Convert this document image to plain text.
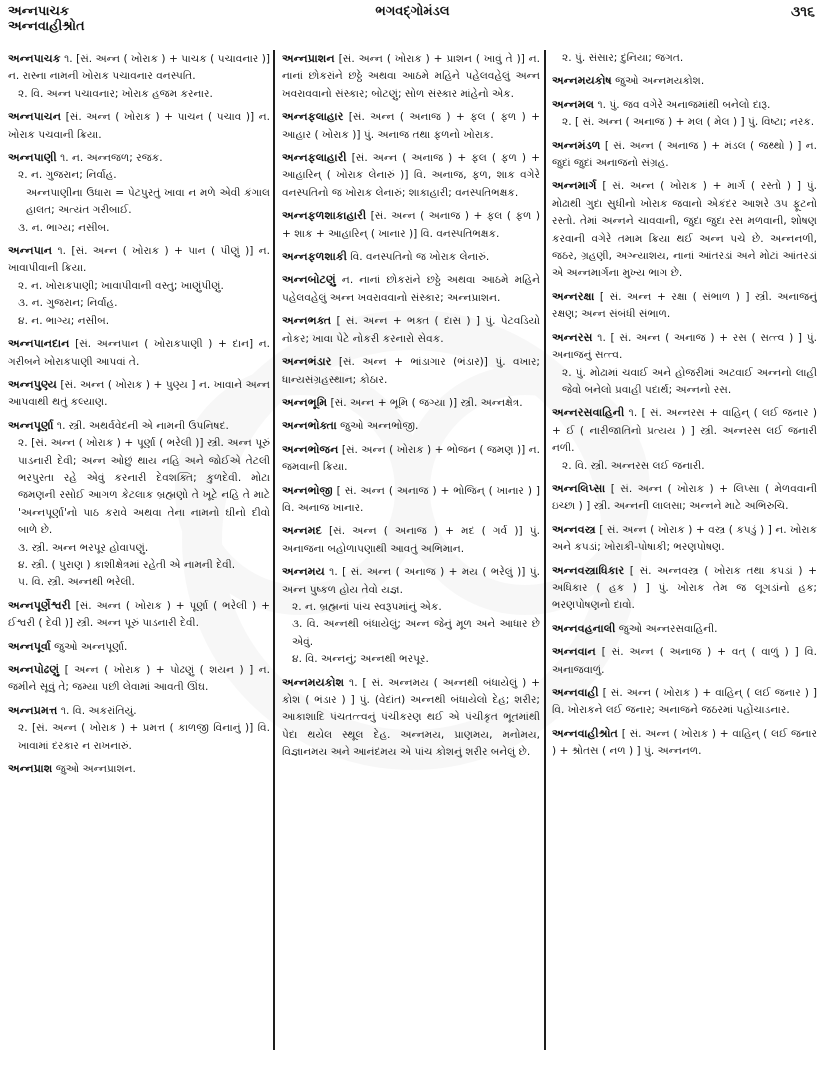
અન્નપાચક
અન્નવાહીશ્રોત
ભગવદ્ગોમંડલ	૩૧૬
અન્નપાચક ૧. [સં. અન્ન ( ખોરાક ) + પાચક ( પચાવનાર )] ન. રાસ્ના નામની ખોરાક પચાવનાર વનસ્પતિ.
૨. વિ. અન્ન પચાવનાર; ખોરાક હજમ કરનાર.
અન્નપાચન [સં. અન્ન ( ખોરાક ) + પાચન ( પચાવ )] ન. ખોરાક પચવાની ક્રિયા.
અન્નપાણી ૧. ન. અન્નજળ; રજક.
૨. ન. ગુજરાન; નિર્વાહ.
અન્નપાણીના ઉધારા = પેટપુરતું ખાવા ન મળે એવી કંગાલ હાલત; અત્યંત ગરીબાઈ.
૩. ન. ભાગ્ય; નસીબ.
અન્નપાન ૧. [સં. અન્ન ( ખોરાક ) + પાન ( પીણું )] ન. ખાવાપીવાની ક્રિયા.
૨. ન. ખોરાકપાણી; ખાવાપીવાની વસ્તુ; ખાણુંપીણું.
૩. ન. ગુજરાન; નિર્વાહ.
૪. ન. ભાગ્ય; નસીબ.
અન્નપાનદાન [સં. અન્નપાન ( ખોરાકપાણી ) + દાન] ન. ગરીબને ખોરાકપાણી આપવાં તે.
અન્નપુણ્ય [સં. અન્ન ( ખોરાક ) + પુણ્ય ] ન. ખાવાને અન્ન આપવાથી થતું કલ્યાણ.
અન્નપૂર્ણા ૧. સ્ત્રી. અથર્વવેદની એ નામની ઉપનિષદ.
૨. [સં. અન્ન ( ખોરાક ) + પૂર્ણા ( ભરેલી )] સ્ત્રી. અન્ન પૂરું પાડનારી દેવી; અન્ન ઓછું થાય નહિ અને જોઈએ તેટલી ભરપુરતા રહે એવું કરનારી દેવશક્તિ; કુળદેવી. મોટા જમણની રસોઈ આગળ કેટલાક બ્રહ્મણો તે ખૂટે નહિ તે માટે 'અન્નપૂર્ણા'નો પાઠ કરાવે અથવા તેના નામનો ઘીનો દીવો બાળે છે.
૩. સ્ત્રી. અન્ન ભરપૂર હોવાપણું.
૪. સ્ત્રી. ( પુરાણ ) કાશીક્ષેત્રમાં રહેતી એ નામની દેવી.
૫. વિ. સ્ત્રી. અન્નથી ભરેલી.
અન્નપૂર્ણેશ્વરી [સં. અન્ન ( ખોરાક ) + પૂર્ણા ( ભરેલી ) + ઈશ્વરી ( દેવી )] સ્ત્રી. અન્ન પૂરું પાડનારી દેવી.
અન્નપૂર્વા જુઓ અન્નપૂર્ણા.
અન્નપોઢણું [ અન્ન ( ખોરાક ) + પોઢણું ( શયન ) ] ન. જમીને સૂવું તે; જમ્યા પછી લેવામાં આવતી ઊંઘ.
અન્નપ્રમત્ત ૧. વિ. અકરાંતિયું.
૨. [સં. અન્ન ( ખોરાક ) + પ્રમત્ત ( કાળજી વિનાનું )] વિ. ખાવામાં દરકાર ન રાખનારું.
અન્નપ્રાશ જુઓ અન્નપ્રાશન.
અન્નપ્રાશન [સં. અન્ન ( ખોરાક ) + પ્રાશન ( ખાવું તે )] ન. નાનાં છોકરાંને છઠ્ઠે અથવા આઠમે મહિને પહેલવહેલું અન્ન ખવરાવવાનો સંસ્કાર; બોટણું; સોળ સંસ્કાર માંહેનો એક.
અન્નફલાહાર [સં. અન્ન ( અનાજ ) + ફલ ( ફળ ) + આહાર ( ખોરાક )] પું. અનાજ તથા ફળનો ખોરાક.
અન્નફલાહારી [સં. અન્ન ( અનાજ ) + ફલ ( ફળ ) + આહારિન્ ( ખોરાક લેનારું )] વિ. અનાજ, ફળ, શાક વગેરે વનસ્પતિનો જ ખોરાક લેનારું; શાકાહારી; વનસ્પતિભક્ષક.
અન્નફળશાકાહારી [સં. અન્ન ( અનાજ ) + ફલ ( ફળ ) + શાક + આહારિન્ ( ખાનાર )] વિ. વનસ્પતિભક્ષક.
અન્નફળશાકી વિ. વનસ્પતિનો જ ખોરાક લેનારું.
અન્નબોટણું ન. નાનાં છોકરાંને છઠ્ઠે અથવા આઠમે મહિને પહેલવહેલું અન્ન ખવરાવવાનો સંસ્કાર; અન્નપ્રાશન.
અન્નભક્ત [ સં. અન્ન + ભક્ત ( દાસ ) ] પું. પેટવડિયો નોકર; ખાવા પેટે નોકરી કરનારો સેવક.
અન્નભંડાર [સં. અન્ન + ભાંડાગાર (ભંડાર)] પું. વખાર; ધાન્યસંગ્રહસ્થાન; કોઠાર.
અન્નભૂમિ [સં. અન્ન + ભૂમિ ( જગ્યા )] સ્ત્રી. અન્નક્ષેત્ર.
અન્નભોક્તા જુઓ અન્નભોજી.
અન્નભોજન [સં. અન્ન ( ખોરાક ) + ભોજન ( જમણ )] ન. જમવાની ક્રિયા.
અન્નભોજી [ સં. અન્ન ( અનાજ ) + ભોજિન્ ( ખાનાર ) ] વિ. અનાજ ખાનાર.
અન્નમદ [સં. અન્ન ( અનાજ ) + મદ ( ગર્વ )] પું. અનાજના બહોળાપણાથી આવતું અભિમાન.
અન્નમય ૧. [ સં. અન્ન ( અનાજ ) + મય ( ભરેલું )] પું. અન્ન પુષ્કળ હોય તેવો યજ્ઞ.
૨. ન. બ્રહ્મનાં પાંચ સ્વરૂપમાંનું એક.
૩. વિ. અન્નથી બંધાયેલું; અન્ન જેનું મૂળ અને આધાર છે એવું.
૪. વિ. અન્નનું; અન્નથી ભરપૂર.
અન્નમયકોશ ૧. [ સં. અન્નમય ( અન્નથી બંધાયેલું ) + કોશ ( ભંડાર ) ] પું. (વેદાંત) અન્નથી બંધાયેલો દેહ; શરીર; આકાશાદિ પંચતત્ત્વનું પંચીકરણ થઈ એ પંચીકૃત ભૂતમાંથી પેદા થયેલ સ્થૂલ દેહ. અન્નમય, પ્રાણમય, મનોમય, વિજ્ઞાનમય અને આનંદમય એ પાંચ કોશનું શરીર બનેલું છે.
૨. પું. સંસાર; દુનિયા; જગત.
અન્નમયકોષ જુઓ અન્નમયકોશ.
અન્નમલ ૧. પું. જવ વગેરે અનાજમાંથી બનેલો દારૂ.
૨. [ સં. અન્ન ( અનાજ ) + મલ ( મેલ ) ] પું. વિષ્ટા; નરક.
અન્નમંડળ [ સં. અન્ન ( અનાજ ) + મંડલ ( જથ્થો ) ] ન. જુદાં જુદાં અનાજનો સંગ્રહ.
અન્નમાર્ગ [ સં. અન્ન ( ખોરાક ) + માર્ગ ( રસ્તો ) ] પું. મોઢાથી ગુદા સુધીનો ખોરાક જવાનો એકંદર આશરે ૩૫ ફૂટનો રસ્તો. તેમાં અન્નને ચાવવાની, જુદા જુદા રસ મળવાની, શોષણ કરવાની વગેરે તમામ ક્રિયા થઈ અન્ન પચે છે. અન્નનળી, જઠર, ગ્રહણી, અગ્ન્યાશય, નાનાં આંતરડાં અને મોટાં આંતરડાં એ અન્નમાર્ગના મુખ્ય ભાગ છે.
અન્નરક્ષા [ સં. અન્ન + રક્ષા ( સંભાળ ) ] સ્ત્રી. અનાજનું રક્ષણ; અન્ન સંબંધી સંભાળ.
અન્નરસ ૧. [ સં. અન્ન ( અનાજ ) + રસ ( સત્ત્વ ) ] પું. અનાજનું સત્ત્વ.
૨. પું. મોઢામાં ચવાઈ અને હોજરીમાં અટવાઈ અન્નનો લાહી જેવો બનેલો પ્રવાહી પદાર્થ; અન્નનો રસ.
અન્નરસવાહિની ૧. [ સં. અન્નરસ + વાહિન્ ( લઈ જનાર ) + ઈ ( નારીજાતિનો પ્રત્યય ) ] સ્ત્રી. અન્નરસ લઈ જનારી નળી.
૨. વિ. સ્ત્રી. અન્નરસ લઈ જનારી.
અન્નલિપ્સા [ સં. અન્ન ( ખોરાક ) + લિપ્સા ( મેળવવાની ઇચ્છા ) ] સ્ત્રી. અન્નની લાલસા; અન્નને માટે અભિરુચિ.
અન્નવસ્ત્ર [ સં. અન્ન ( ખોરાક ) + વસ્ત્ર ( કપડું ) ] ન. ખોરાક અને કપડાં; ખોરાકી-પોષાકી; ભરણપોષણ.
અન્નવસ્ત્રાધિકાર [ સં. અન્નવસ્ત્ર ( ખોરાક તથા કપડાં ) + અધિકાર ( હક ) ] પું. ખોરાક તેમ જ લૂગડાંનો હક; ભરણપોષણનો દાવો.
અન્નવહનાલી જુઓ અન્નરસવાહિની.
અન્નવાન [ સં. અન્ન ( અનાજ ) + વત્ ( વાળું ) ] વિ. અનાજવાળું.
અન્નવાહી [ સં. અન્ન ( ખોરાક ) + વાહિન્ ( લઈ જનાર ) ] વિ. ખોરાકને લઈ જનાર; અનાજને જઠરમાં પહોંચાડનાર.
અન્નવાહીશ્રોત [ સં. અન્ન ( ખોરાક ) + વાહિન્ ( લઈ જનાર ) + શ્રોતસ ( નળ ) ] પું. અન્નનળ.
